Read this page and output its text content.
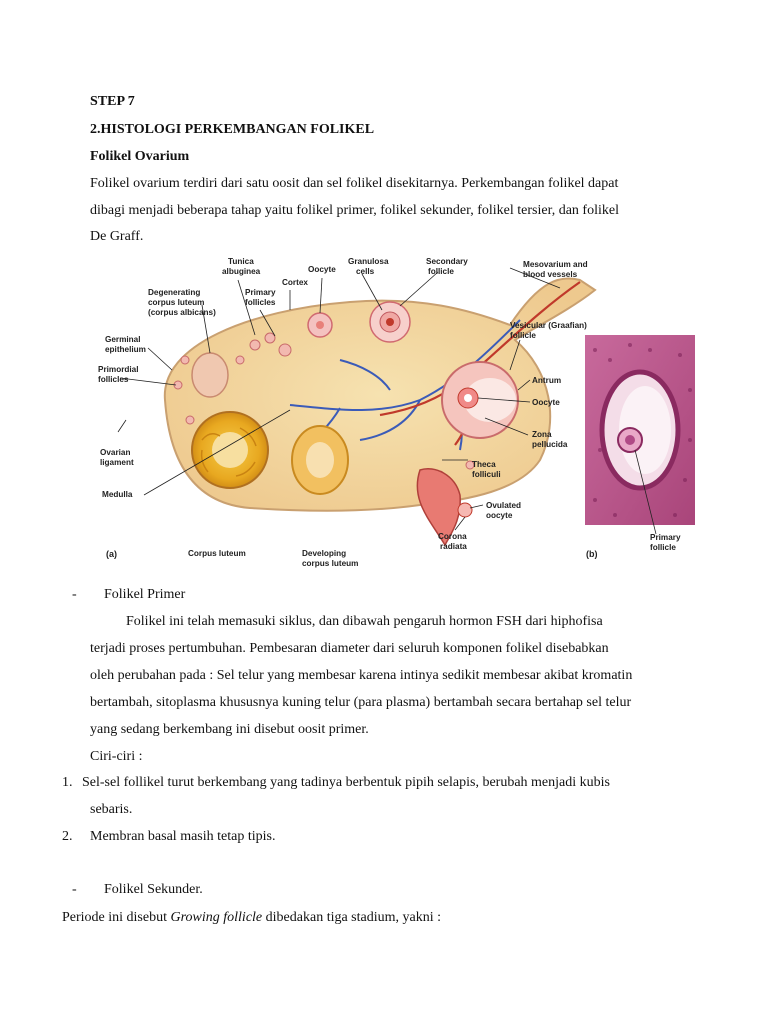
STEP 7
2.HISTOLOGI PERKEMBANGAN FOLIKEL
Folikel Ovarium
Folikel ovarium terdiri dari satu oosit dan sel folikel disekitarnya. Perkembangan folikel dapat
dibagi menjadi beberapa tahap yaitu folikel primer, folikel sekunder, folikel tersier, dan folikel
De Graff.
Tunica
albuginea	Oocyte
Granulosa
cells
Secondary
follicle
Mesovarium and
blood vessels
Cortex
Degenerating
corpus luteum
(corpus albicans)
Primary
follicles
Vesicular (Graafian)
follicle
Germinal
epithelium
Primordial
follicles	Antrum
Oocyte
Zona
pellucida
Ovarian
ligament	Theca
folliculi
Medulla
Ovulated
oocyte
Corona
radiata
(a)	Corpus luteum	Developing
corpus luteum
(b)
Primary
follicle
- Folikel Primer
Folikel ini telah memasuki siklus, dan dibawah pengaruh hormon FSH dari hiphofisa
terjadi proses pertumbuhan. Pembesaran diameter dari seluruh komponen folikel disebabkan
oleh perubahan pada : Sel telur yang membesar karena intinya sedikit membesar akibat kromatin
bertambah, sitoplasma khususnya kuning telur (para plasma) bertambah secara bertahap sel telur
yang sedang berkembang ini disebut oosit primer.
Ciri-ciri :
1. Sel-sel follikel turut berkembang yang tadinya berbentuk pipih selapis, berubah menjadi kubis
sebaris.
2. Membran basal masih tetap tipis.
- Folikel Sekunder.
Periode ini disebut Growing follicle dibedakan tiga stadium, yakni :
